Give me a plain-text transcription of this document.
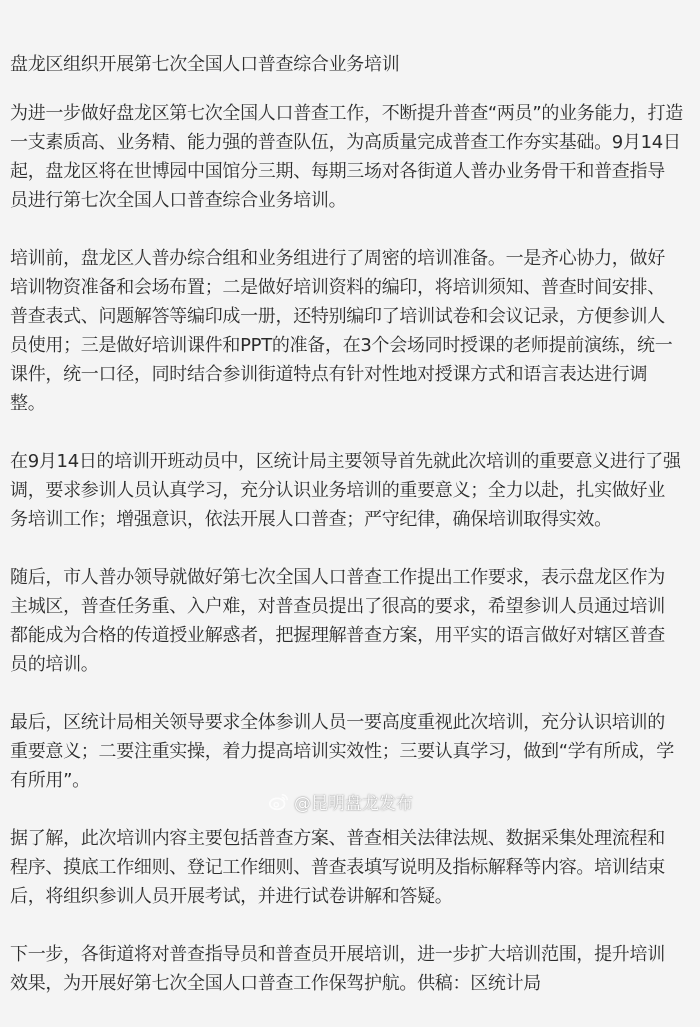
盘龙区组织开展第七次全国人口普查综合业务培训
为进一步做好盘龙区第七次全国人口普查工作，不断提升普查“两员”的业务能力，打造
一支素质高、业务精、能力强的普查队伍，为高质量完成普查工作夯实基础。9月14日
起，盘龙区将在世博园中国馆分三期、每期三场对各街道人普办业务骨干和普查指导
员进行第七次全国人口普查综合业务培训。
培训前，盘龙区人普办综合组和业务组进行了周密的培训准备。一是齐心协力，做好
培训物资准备和会场布置；二是做好培训资料的编印，将培训须知、普查时间安排、
普查表式、问题解答等编印成一册，还特别编印了培训试卷和会议记录，方便参训人
员使用；三是做好培训课件和PPT的准备，在3个会场同时授课的老师提前演练，统一
课件，统一口径，同时结合参训街道特点有针对性地对授课方式和语言表达进行调
整。
在9月14日的培训开班动员中，区统计局主要领导首先就此次培训的重要意义进行了强
调，要求参训人员认真学习，充分认识业务培训的重要意义；全力以赴，扎实做好业
务培训工作；增强意识，依法开展人口普查；严守纪律，确保培训取得实效。
随后，市人普办领导就做好第七次全国人口普查工作提出工作要求，表示盘龙区作为
主城区，普查任务重、入户难，对普查员提出了很高的要求，希望参训人员通过培训
都能成为合格的传道授业解惑者，把握理解普查方案，用平实的语言做好对辖区普查
员的培训。
最后，区统计局相关领导要求全体参训人员一要高度重视此次培训，充分认识培训的
重要意义；二要注重实操，着力提高培训实效性；三要认真学习，做到“学有所成，学
有所用”。
据了解，此次培训内容主要包括普查方案、普查相关法律法规、数据采集处理流程和
程序、摸底工作细则、登记工作细则、普查表填写说明及指标解释等内容。培训结束
后，将组织参训人员开展考试，并进行试卷讲解和答疑。
下一步，各街道将对普查指导员和普查员开展培训，进一步扩大培训范围，提升培训
效果，为开展好第七次全国人口普查工作保驾护航。供稿：区统计局
@昆明盘龙发布
